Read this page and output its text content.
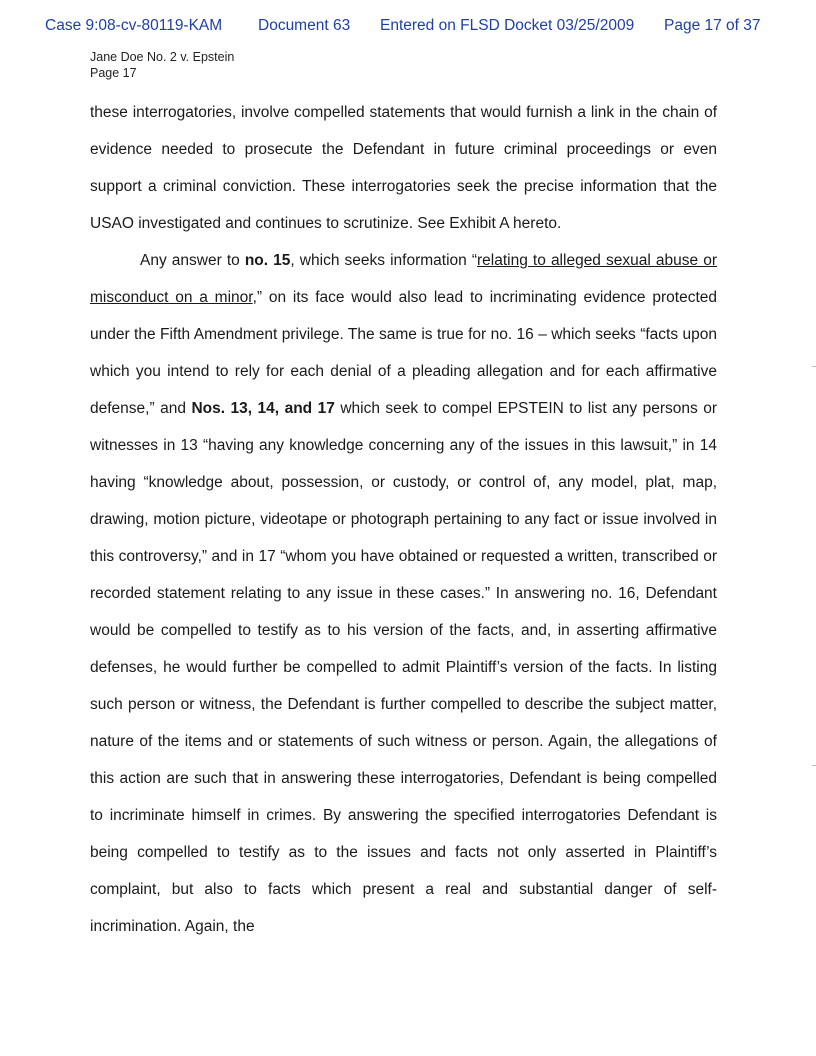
Case 9:08-cv-80119-KAM Document 63 Entered on FLSD Docket 03/25/2009 Page 17 of 37
Jane Doe No. 2 v. Epstein
Page 17

these interrogatories, involve compelled statements that would furnish a link in the chain of evidence needed to prosecute the Defendant in future criminal proceedings or even support a criminal conviction. These interrogatories seek the precise information that the USAO investigated and continues to scrutinize. See Exhibit A hereto.

Any answer to no. 15, which seeks information “relating to alleged sexual abuse or misconduct on a minor,” on its face would also lead to incriminating evidence protected under the Fifth Amendment privilege. The same is true for no. 16 – which seeks “facts upon which you intend to rely for each denial of a pleading allegation and for each affirmative defense,” and Nos. 13, 14, and 17 which seek to compel EPSTEIN to list any persons or witnesses in 13 “having any knowledge concerning any of the issues in this lawsuit,” in 14 having “knowledge about, possession, or custody, or control of, any model, plat, map, drawing, motion picture, videotape or photograph pertaining to any fact or issue involved in this controversy,” and in 17 “whom you have obtained or requested a written, transcribed or recorded statement relating to any issue in these cases.” In answering no. 16, Defendant would be compelled to testify as to his version of the facts, and, in asserting affirmative defenses, he would further be compelled to admit Plaintiff’s version of the facts. In listing such person or witness, the Defendant is further compelled to describe the subject matter, nature of the items and or statements of such witness or person. Again, the allegations of this action are such that in answering these interrogatories, Defendant is being compelled to incriminate himself in crimes. By answering the specified interrogatories Defendant is being compelled to testify as to the issues and facts not only asserted in Plaintiff’s complaint, but also to facts which present a real and substantial danger of self-incrimination. Again, the
